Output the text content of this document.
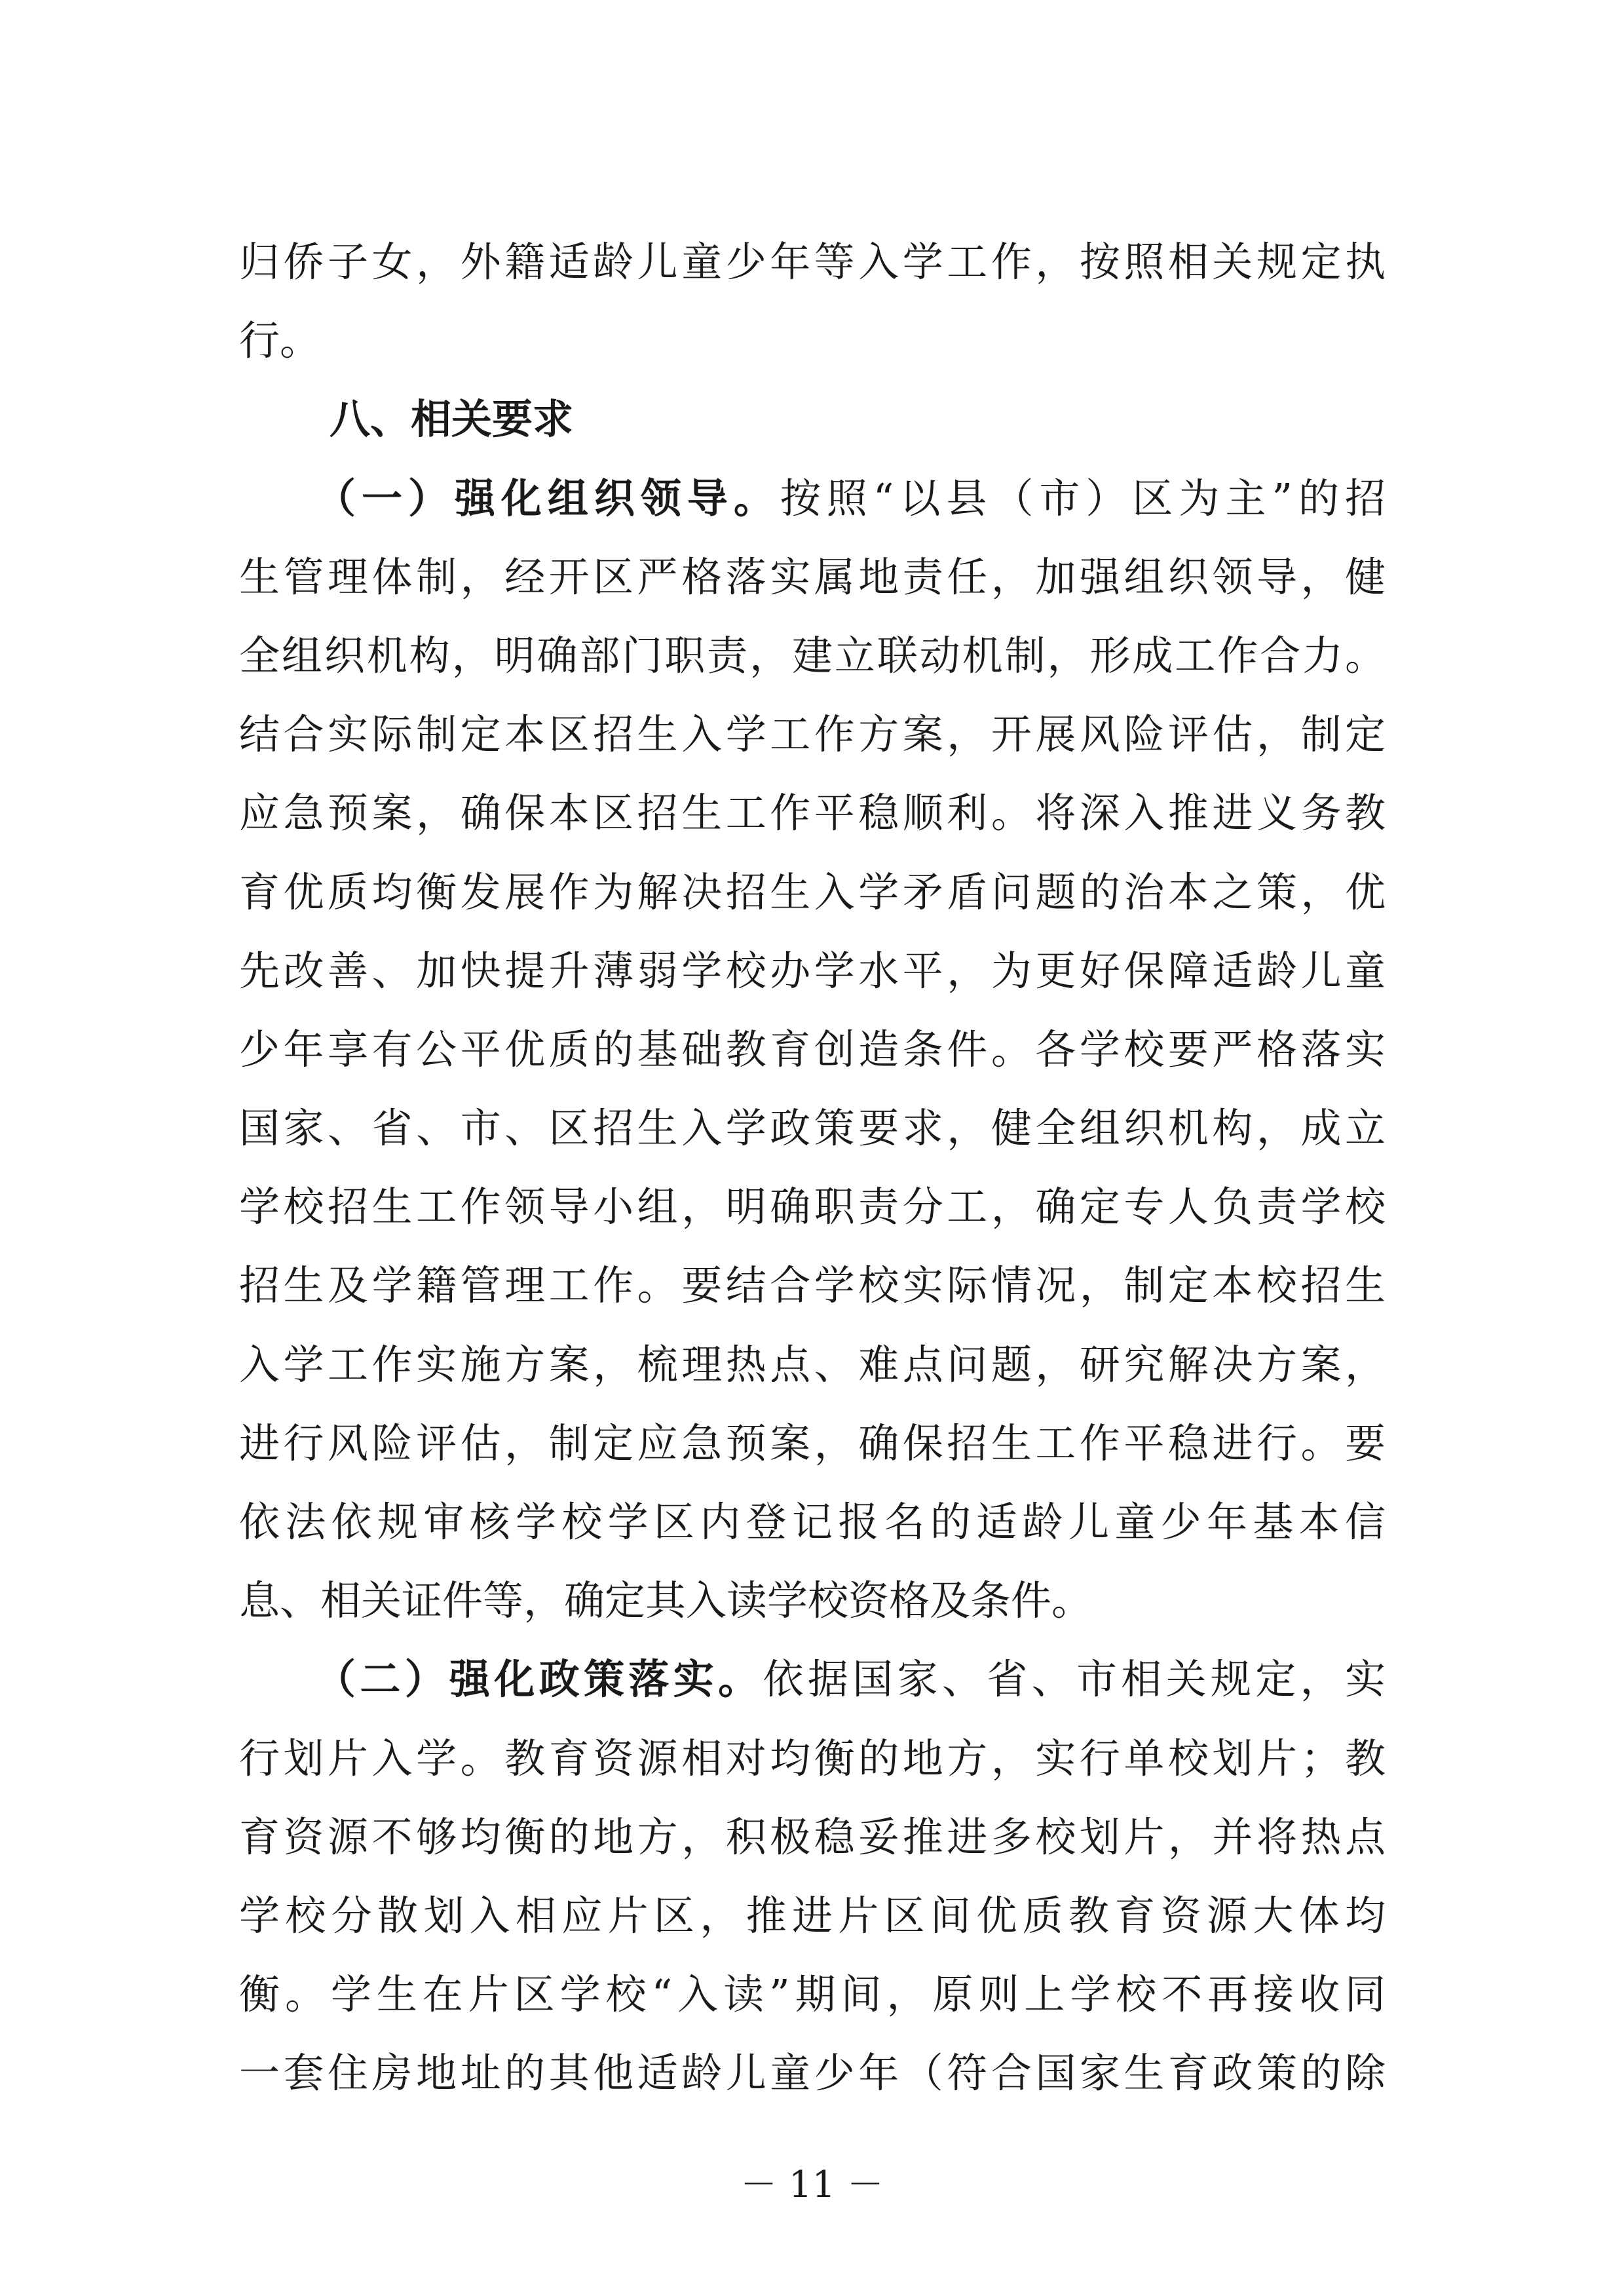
归侨子女，外籍适龄儿童少年等入学工作，按照相关规定执
行。
八、相关要求
（一）强化组织领导。按照“以县（市）区为主”的招
生管理体制，经开区严格落实属地责任，加强组织领导，健
全组织机构，明确部门职责，建立联动机制，形成工作合力。
结合实际制定本区招生入学工作方案，开展风险评估，制定
应急预案，确保本区招生工作平稳顺利。将深入推进义务教
育优质均衡发展作为解决招生入学矛盾问题的治本之策，优
先改善、加快提升薄弱学校办学水平，为更好保障适龄儿童
少年享有公平优质的基础教育创造条件。各学校要严格落实
国家、省、市、区招生入学政策要求，健全组织机构，成立
学校招生工作领导小组，明确职责分工，确定专人负责学校
招生及学籍管理工作。要结合学校实际情况，制定本校招生
入学工作实施方案，梳理热点、难点问题，研究解决方案，
进行风险评估，制定应急预案，确保招生工作平稳进行。要
依法依规审核学校学区内登记报名的适龄儿童少年基本信
息、相关证件等，确定其入读学校资格及条件。
（二）强化政策落实。依据国家、省、市相关规定，实
行划片入学。教育资源相对均衡的地方，实行单校划片；教
育资源不够均衡的地方，积极稳妥推进多校划片，并将热点
学校分散划入相应片区，推进片区间优质教育资源大体均
衡。学生在片区学校“入读”期间，原则上学校不再接收同
一套住房地址的其他适龄儿童少年（符合国家生育政策的除
－ 11 －
